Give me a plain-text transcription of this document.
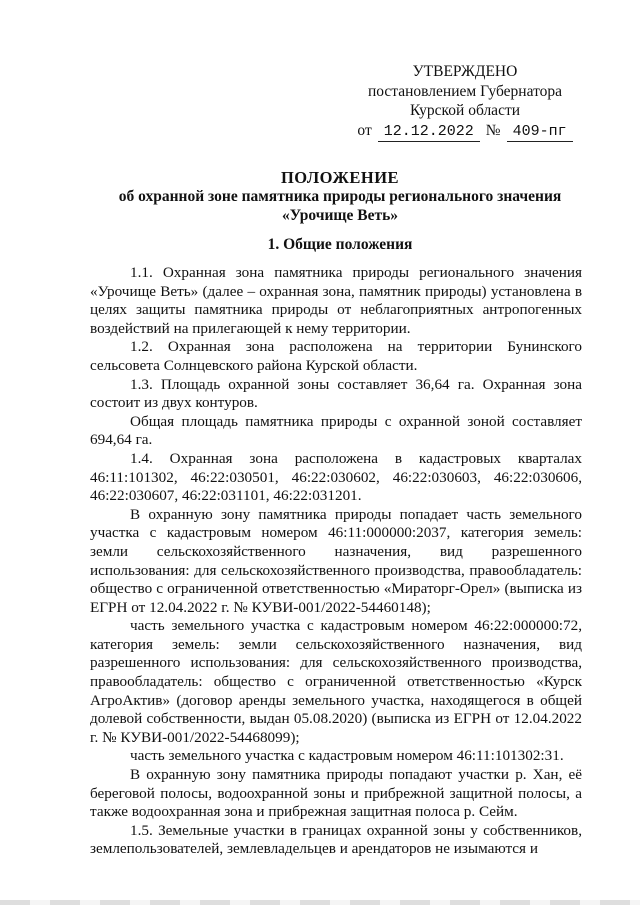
УТВЕРЖДЕНО
постановлением Губернатора
Курской области
от 12.12.2022 № 409-пг
ПОЛОЖЕНИЕ
об охранной зоне памятника природы регионального значения
«Урочище Веть»
1. Общие положения

1.1. Охранная зона памятника природы регионального значения «Урочище Веть» (далее – охранная зона, памятник природы) установлена в целях защиты памятника природы от неблагоприятных антропогенных воздействий на прилегающей к нему территории.

1.2. Охранная зона расположена на территории Бунинского сельсовета Солнцевского района Курской области.

1.3. Площадь охранной зоны составляет 36,64 га. Охранная зона состоит из двух контуров.

Общая площадь памятника природы с охранной зоной составляет 694,64 га.

1.4. Охранная зона расположена в кадастровых кварталах 46:11:101302, 46:22:030501, 46:22:030602, 46:22:030603, 46:22:030606, 46:22:030607, 46:22:031101, 46:22:031201.

В охранную зону памятника природы попадает часть земельного участка с кадастровым номером 46:11:000000:2037, категория земель: земли сельскохозяйственного назначения, вид разрешенного использования: для сельскохозяйственного производства, правообладатель: общество с ограниченной ответственностью «Мираторг-Орел» (выписка из ЕГРН от 12.04.2022 г. № КУВИ-001/2022-54460148);

часть земельного участка с кадастровым номером 46:22:000000:72, категория земель: земли сельскохозяйственного назначения, вид разрешенного использования: для сельскохозяйственного производства, правообладатель: общество с ограниченной ответственностью «Курск АгроАктив» (договор аренды земельного участка, находящегося в общей долевой собственности, выдан 05.08.2020) (выписка из ЕГРН от 12.04.2022 г. № КУВИ-001/2022-54468099);

часть земельного участка с кадастровым номером 46:11:101302:31.

В охранную зону памятника природы попадают участки р. Хан, её береговой полосы, водоохранной зоны и прибрежной защитной полосы, а также водоохранная зона и прибрежная защитная полоса р. Сейм.

1.5. Земельные участки в границах охранной зоны у собственников, землепользователей, землевладельцев и арендаторов не изымаются и
